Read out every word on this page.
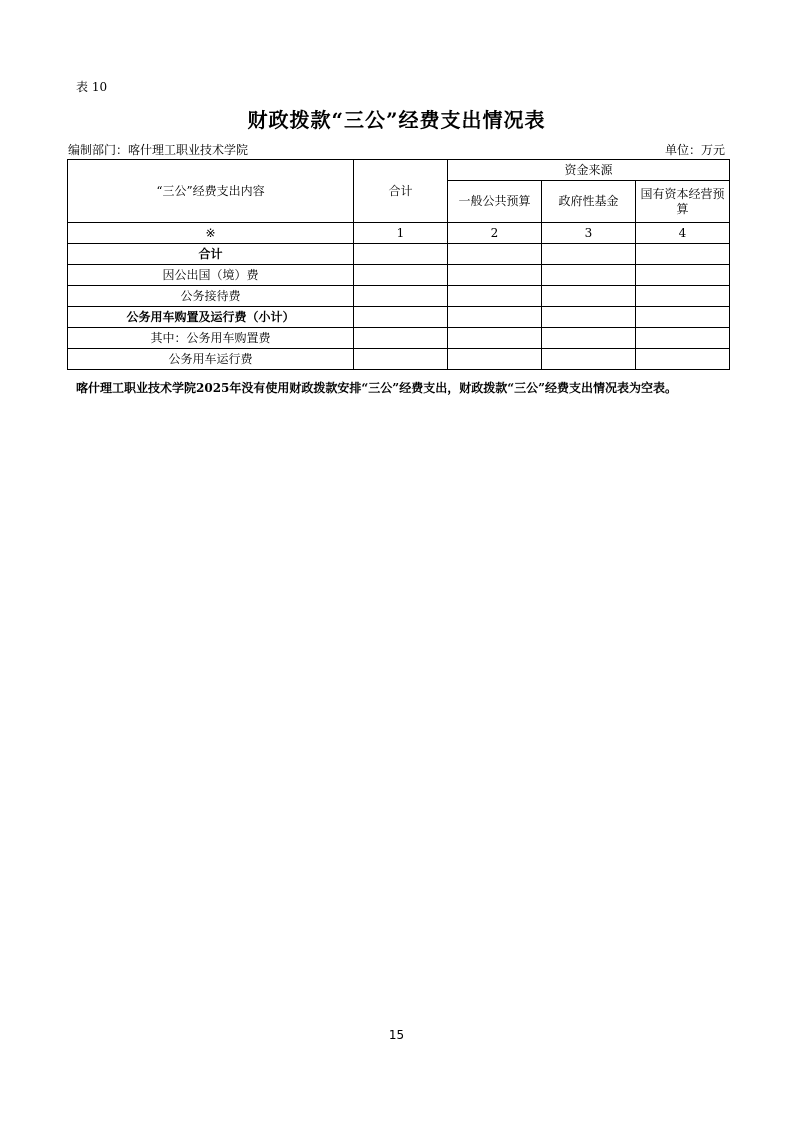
表 10
财政拨款“三公”经费支出情况表
编制部门：喀什理工职业技术学院	单位：万元
“三公”经费支出内容	合计	资金来源		
		一般公共预算	政府性基金	国有资本经营预算
※	1	2	3	4
合计				
因公出国（境）费				
公务接待费				
公务用车购置及运行费（小计）				
其中：公务用车购置费				
公务用车运行费				
喀什理工职业技术学院2025年没有使用财政拨款安排“三公”经费支出，财政拨款“三公”经费支出情况表为空表。
15
